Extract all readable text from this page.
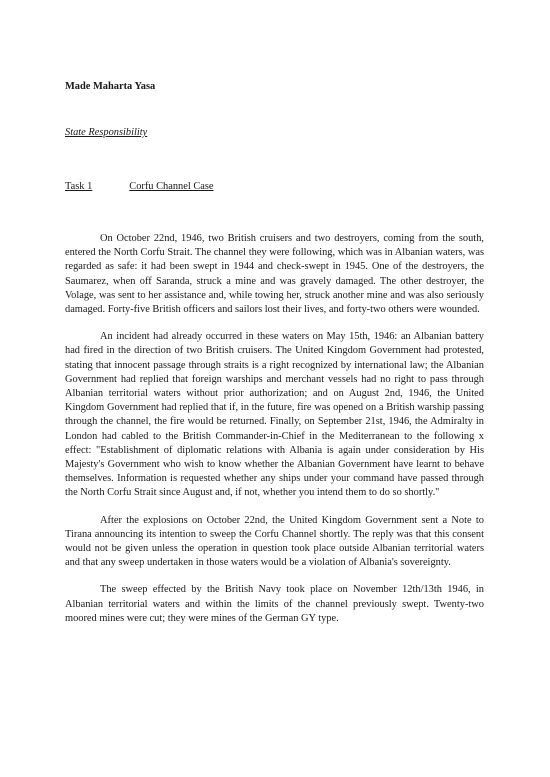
Made Maharta Yasa

State Responsibility

Task 1	Corfu Channel Case

On October 22nd, 1946, two British cruisers and two destroyers, coming from the south, entered the North Corfu Strait. The channel they were following, which was in Albanian waters, was regarded as safe: it had been swept in 1944 and check-swept in 1945. One of the destroyers, the Saumarez, when off Saranda, struck a mine and was gravely damaged. The other destroyer, the Volage, was sent to her assistance and, while towing her, struck another mine and was also seriously damaged. Forty-five British officers and sailors lost their lives, and forty-two others were wounded.

An incident had already occurred in these waters on May 15th, 1946: an Albanian battery had fired in the direction of two British cruisers. The United Kingdom Government had protested, stating that innocent passage through straits is a right recognized by international law; the Albanian Government had replied that foreign warships and merchant vessels had no right to pass through Albanian territorial waters without prior authorization; and on August 2nd, 1946, the United Kingdom Government had replied that if, in the future, fire was opened on a British warship passing through the channel, the fire would be returned. Finally, on September 21st, 1946, the Admiralty in London had cabled to the British Commander-in-Chief in the Mediterranean to the following x effect: "Establishment of diplomatic relations with Albania is again under consideration by His Majesty's Government who wish to know whether the Albanian Government have learnt to behave themselves. Information is requested whether any ships under your command have passed through the North Corfu Strait since August and, if not, whether you intend them to do so shortly."

After the explosions on October 22nd, the United Kingdom Government sent a Note to Tirana announcing its intention to sweep the Corfu Channel shortly. The reply was that this consent would not be given unless the operation in question took place outside Albanian territorial waters and that any sweep undertaken in those waters would be a violation of Albania's sovereignty.

The sweep effected by the British Navy took place on November 12th/13th 1946, in Albanian territorial waters and within the limits of the channel previously swept. Twenty-two moored mines were cut; they were mines of the German GY type.
